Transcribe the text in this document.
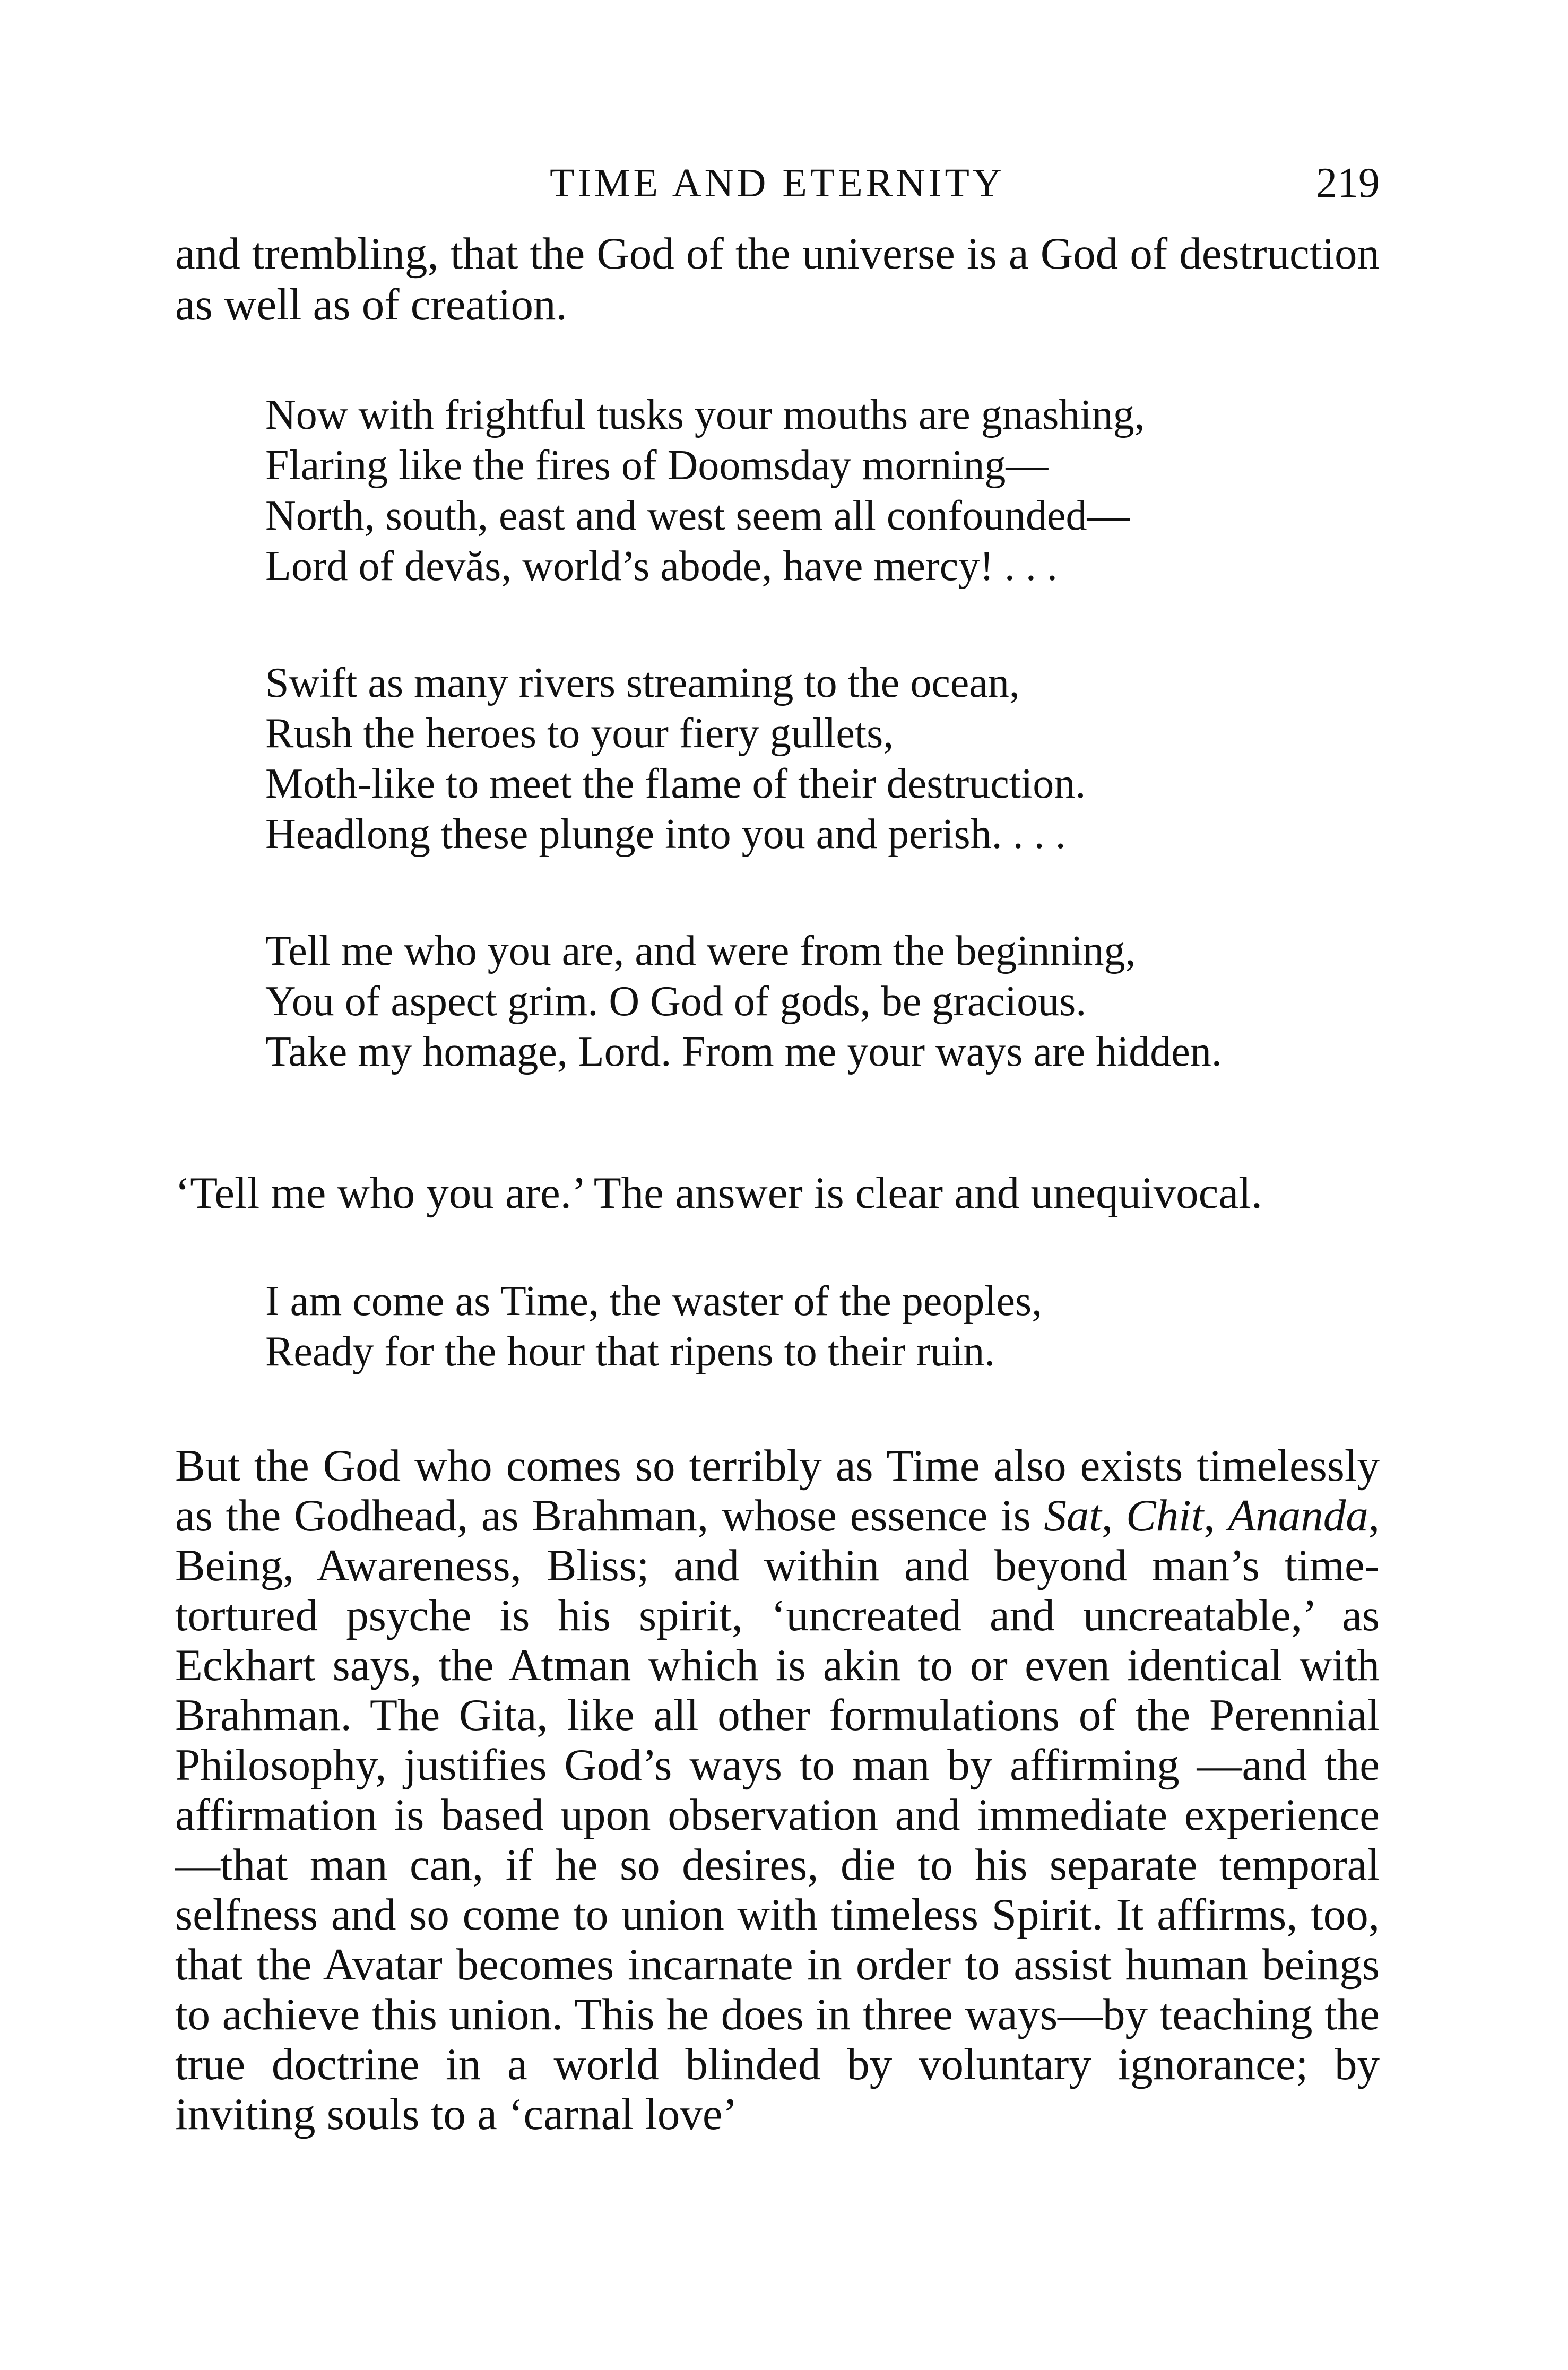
TIME AND ETERNITY	219

and trembling, that the God of the universe is a God of destruction as well as of creation.

Now with frightful tusks your mouths are gnashing,
Flaring like the fires of Doomsday morning—
North, south, east and west seem all confounded—
Lord of devăs, world’s abode, have mercy! . . .
Swift as many rivers streaming to the ocean,
Rush the heroes to your fiery gullets,
Moth-like to meet the flame of their destruction.
Headlong these plunge into you and perish. . . .
Tell me who you are, and were from the beginning,
You of aspect grim. O God of gods, be gracious.
Take my homage, Lord. From me your ways are hidden.

‘Tell me who you are.’ The answer is clear and unequivocal.

I am come as Time, the waster of the peoples,
Ready for the hour that ripens to their ruin.

But the God who comes so terribly as Time also exists timelessly as the Godhead, as Brahman, whose essence is Sat, Chit, Ananda, Being, Awareness, Bliss; and within and beyond man’s time-tortured psyche is his spirit, ‘uncreated and uncreatable,’ as Eckhart says, the Atman which is akin to or even identical with Brahman. The Gita, like all other formulations of the Perennial Philosophy, justifies God’s ways to man by affirming —and the affirmation is based upon observation and immediate experience—that man can, if he so desires, die to his separate temporal selfness and so come to union with timeless Spirit. It affirms, too, that the Avatar becomes incarnate in order to assist human beings to achieve this union. This he does in three ways—by teaching the true doctrine in a world blinded by voluntary ignorance; by inviting souls to a ‘carnal love’
